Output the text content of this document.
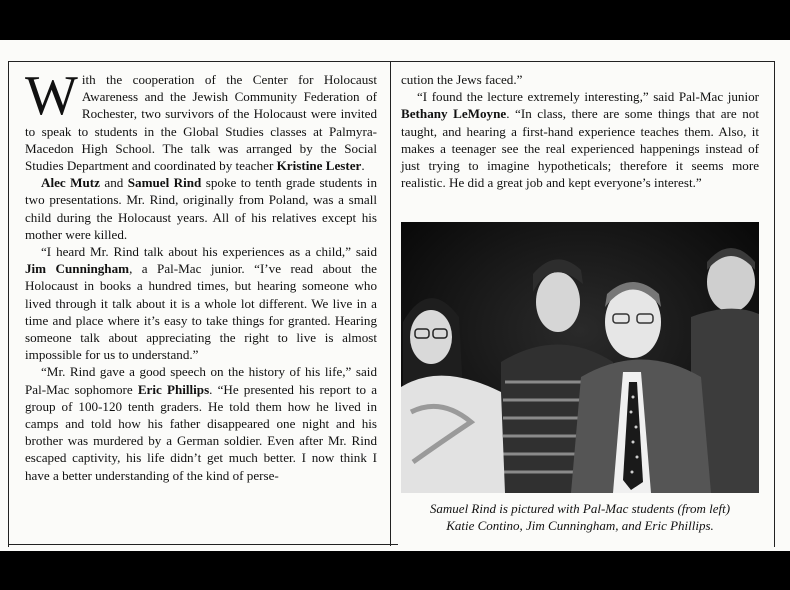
With the cooperation of the Center for Holocaust Awareness and the Jewish Community Federation of Rochester, two survivors of the Holocaust were invited to speak to students in the Global Studies classes at Palmyra-Macedon High School. The talk was arranged by the Social Studies Department and coordinated by teacher Kristine Lester.

Alec Mutz and Samuel Rind spoke to tenth grade students in two presentations. Mr. Rind, originally from Poland, was a small child during the Holocaust years. All of his relatives except his mother were killed.

“I heard Mr. Rind talk about his experiences as a child,” said Jim Cunningham, a Pal-Mac junior. “I’ve read about the Holocaust in books a hundred times, but hearing someone who lived through it talk about it is a whole lot different. We live in a time and place where it’s easy to take things for granted. Hearing someone talk about appreciating the right to live is almost impossible for us to understand.”

“Mr. Rind gave a good speech on the history of his life,” said Pal-Mac sophomore Eric Phillips. “He presented his report to a group of 100-120 tenth graders. He told them how he lived in camps and told how his father disappeared one night and his brother was murdered by a German soldier. Even after Mr. Rind escaped captivity, his life didn’t get much better. I now think I have a better understanding of the kind of perse-

cution the Jews faced.”

“I found the lecture extremely interesting,” said Pal-Mac junior Bethany LeMoyne. “In class, there are some things that are not taught, and hearing a first-hand experience teaches them. Also, it makes a teenager see the real experienced happenings instead of just trying to imagine hypotheticals; therefore it seems more realistic. He did a great job and kept everyone’s interest.”

Samuel Rind is pictured with Pal-Mac students (from left)
Katie Contino, Jim Cunningham, and Eric Phillips.
